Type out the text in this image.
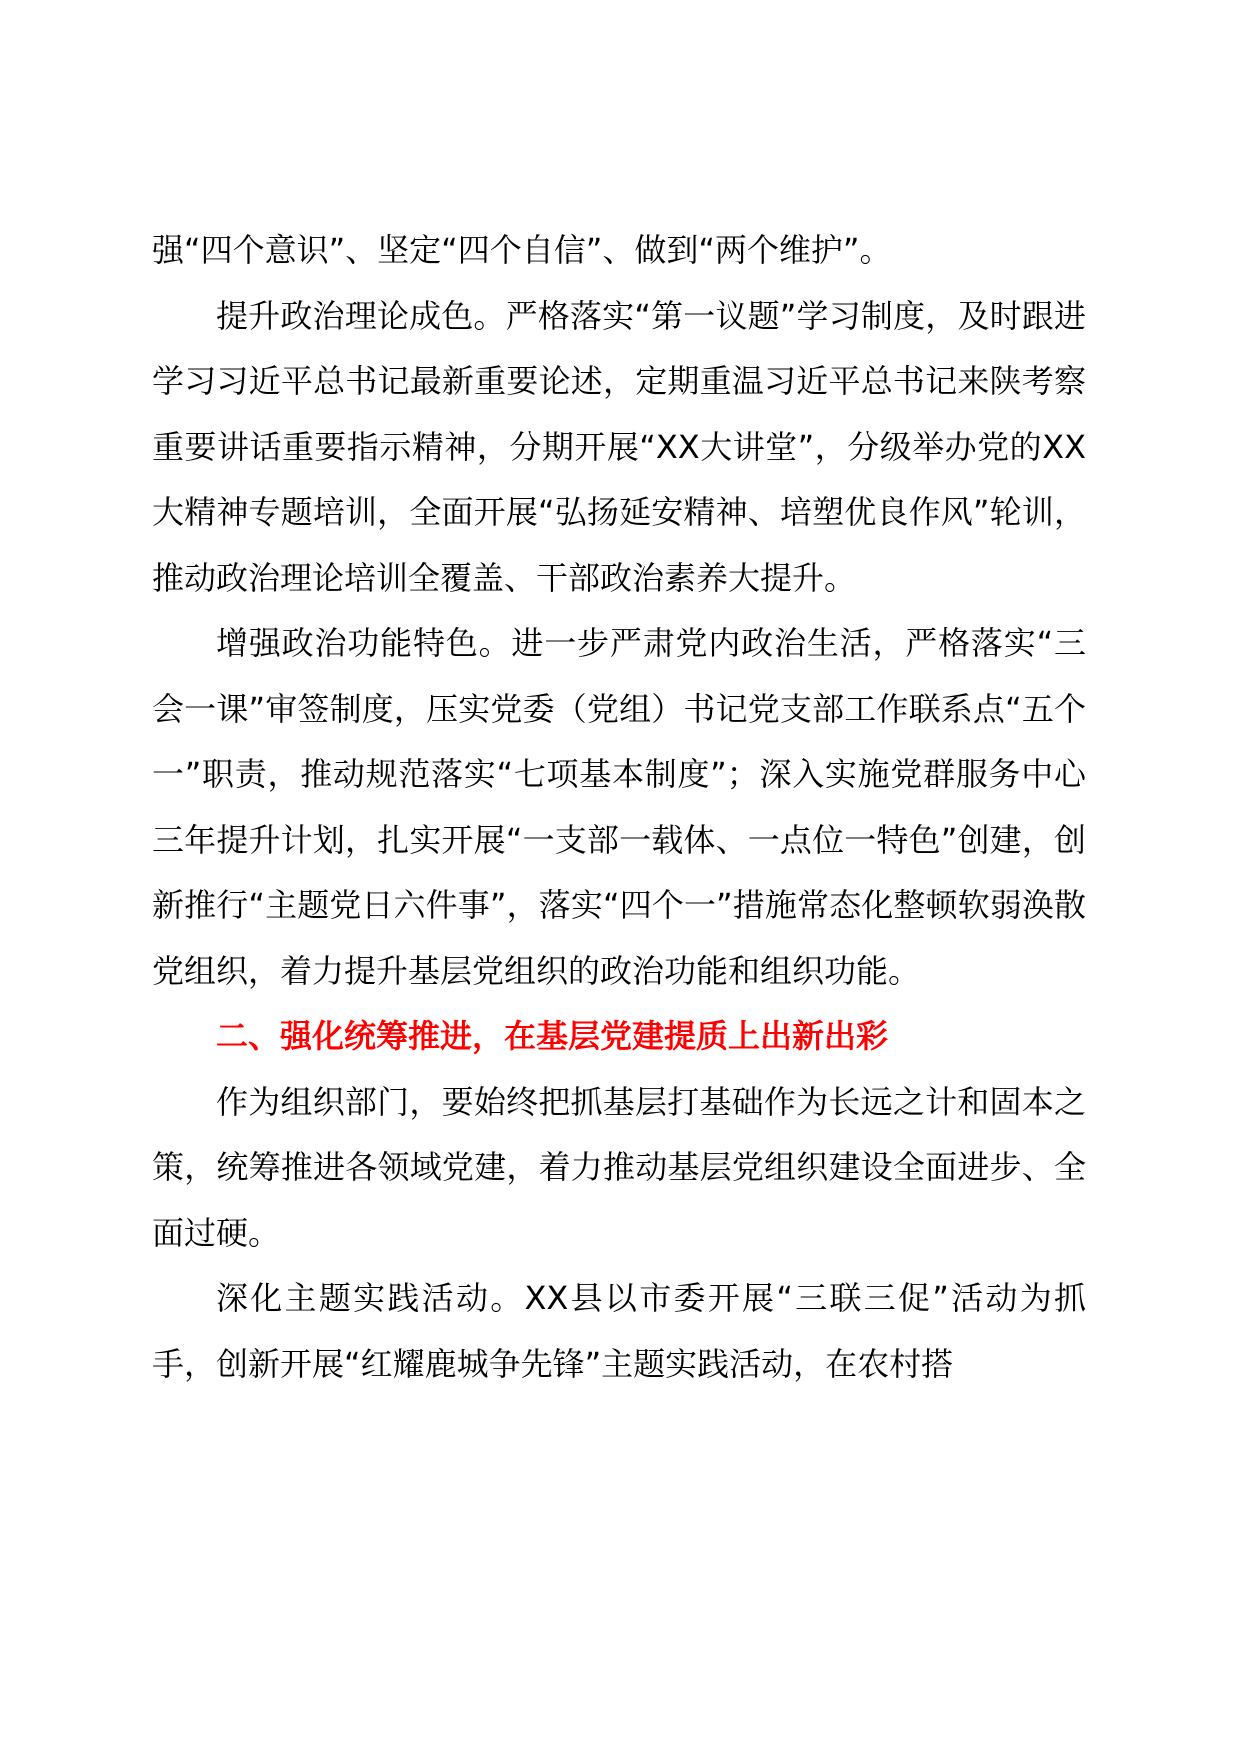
强“四个意识”、坚定“四个自信”、做到“两个维护”。

提升政治理论成色。严格落实“第一议题”学习制度，及时跟进学习习近平总书记最新重要论述，定期重温习近平总书记来陕考察重要讲话重要指示精神，分期开展“XX大讲堂”，分级举办党的XX大精神专题培训，全面开展“弘扬延安精神、培塑优良作风”轮训，推动政治理论培训全覆盖、干部政治素养大提升。

增强政治功能特色。进一步严肃党内政治生活，严格落实“三会一课”审签制度，压实党委（党组）书记党支部工作联系点“五个一”职责，推动规范落实“七项基本制度”；深入实施党群服务中心三年提升计划，扎实开展“一支部一载体、一点位一特色”创建，创新推行“主题党日六件事”，落实“四个一”措施常态化整顿软弱涣散党组织，着力提升基层党组织的政治功能和组织功能。

二、强化统筹推进，在基层党建提质上出新出彩

作为组织部门，要始终把抓基层打基础作为长远之计和固本之策，统筹推进各领域党建，着力推动基层党组织建设全面进步、全面过硬。

深化主题实践活动。XX县以市委开展“三联三促”活动为抓手，创新开展“红耀鹿城争先锋”主题实践活动，在农村搭
